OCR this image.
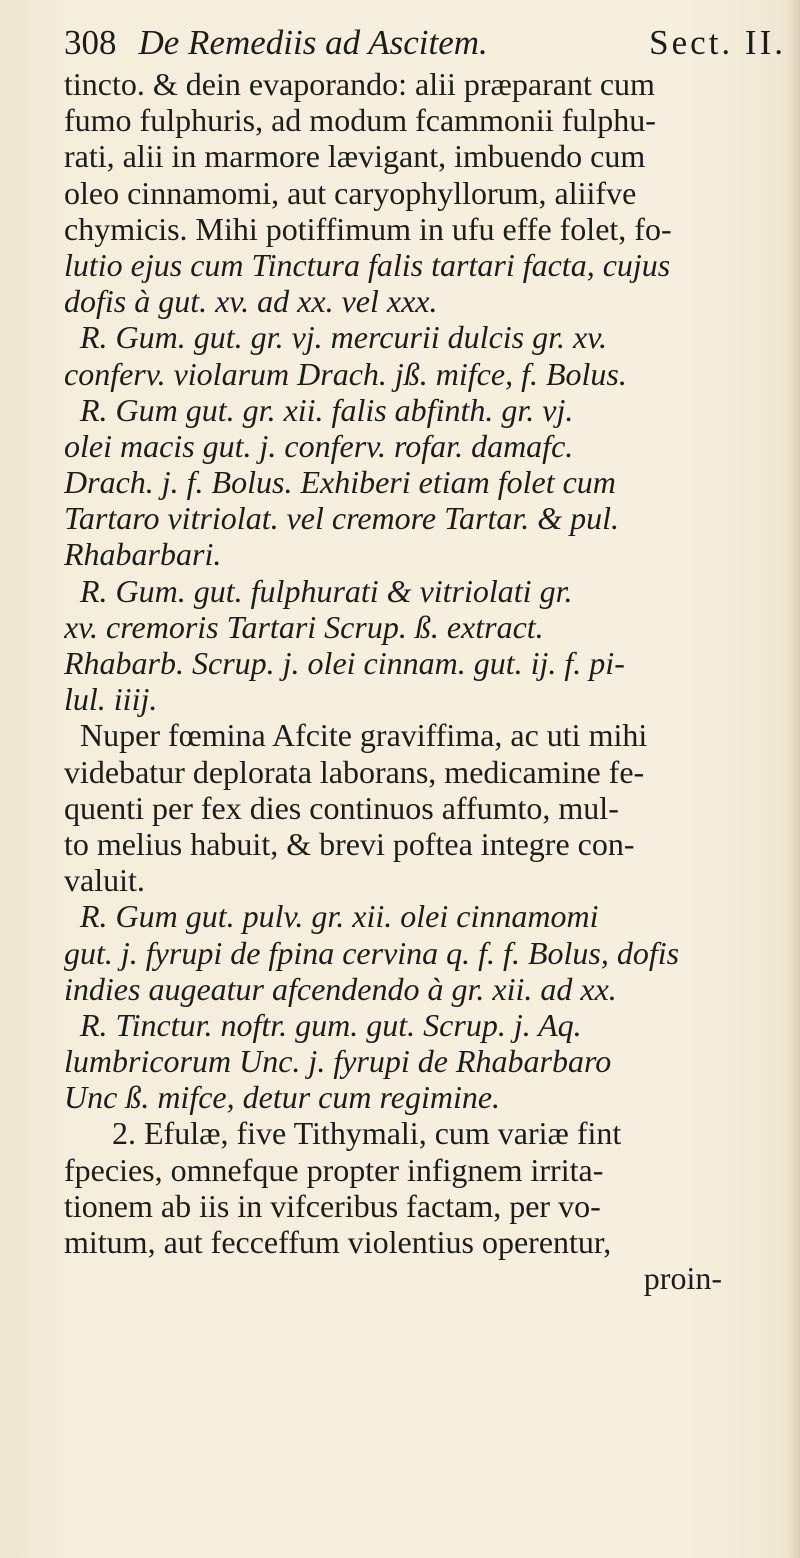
308 De Remediis ad Ascitem.	Sect. II.
tincto. & dein evaporando: alii præparant cum
fumo fulphuris, ad modum fcammonii fulphu-
rati, alii in marmore lævigant, imbuendo cum
oleo cinnamomi, aut caryophyllorum, aliifve
chymicis. Mihi potiffimum in ufu effe folet, fo-
lutio ejus cum Tinctura falis tartari facta, cujus
dofis à gut. xv. ad xx. vel xxx.
R. Gum. gut. gr. vj. mercurii dulcis gr. xv.
conferv. violarum Drach. jß. mifce, f. Bolus.
R. Gum gut. gr. xii. falis abfinth. gr. vj.
olei macis gut. j. conferv. rofar. damafc.
Drach. j. f. Bolus. Exhiberi etiam folet cum
Tartaro vitriolat. vel cremore Tartar. & pul.
Rhabarbari.
R. Gum. gut. fulphurati & vitriolati gr.
xv. cremoris Tartari Scrup. ß. extract.
Rhabarb. Scrup. j. olei cinnam. gut. ij. f. pi-
lul. iiij.
Nuper fœmina Afcite graviffima, ac uti mihi
videbatur deplorata laborans, medicamine fe-
quenti per fex dies continuos affumto, mul-
to melius habuit, & brevi poftea integre con-
valuit.
R. Gum gut. pulv. gr. xii. olei cinnamomi
gut. j. fyrupi de fpina cervina q. f. f. Bolus, dofis
indies augeatur afcendendo à gr. xii. ad xx.
R. Tinctur. noftr. gum. gut. Scrup. j. Aq.
lumbricorum Unc. j. fyrupi de Rhabarbaro
Unc ß. mifce, detur cum regimine.
2. Efulæ, five Tithymali, cum variæ fint
fpecies, omnefque propter infignem irrita-
tionem ab iis in vifceribus factam, per vo-
mitum, aut fecceffum violentius operentur,
proin-
